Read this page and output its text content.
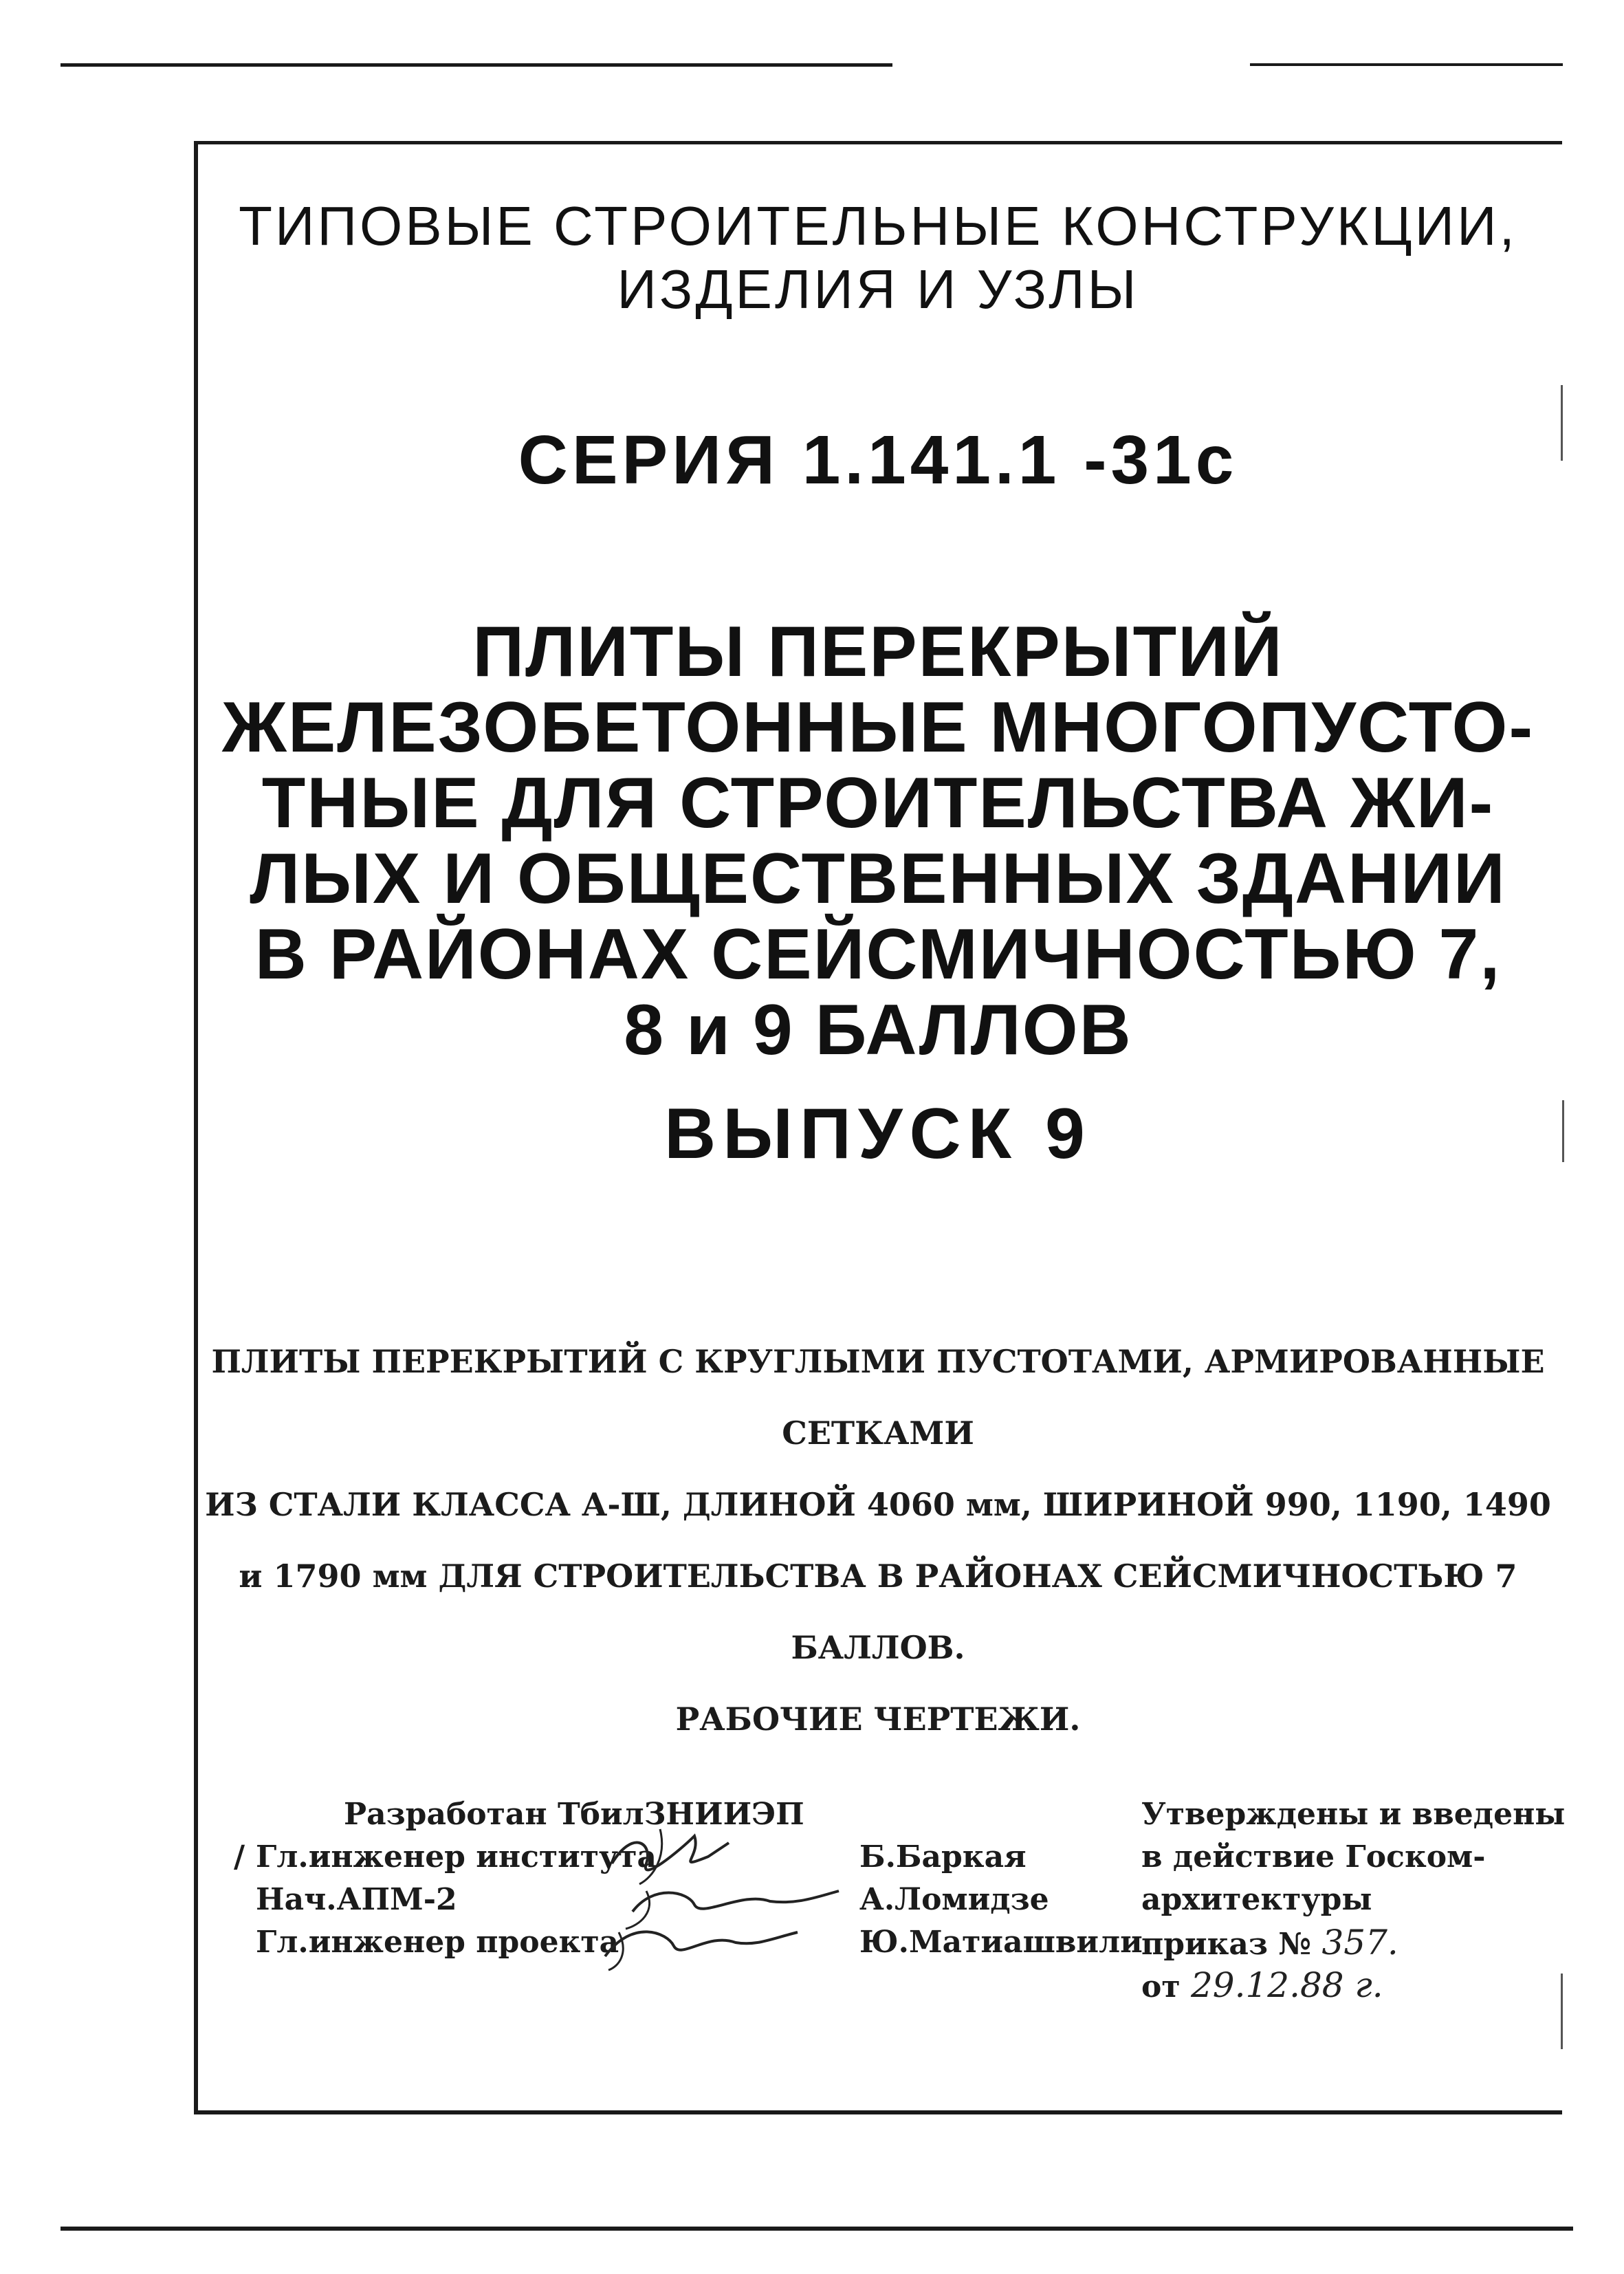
ТИПОВЫЕ СТРОИТЕЛЬНЫЕ КОНСТРУКЦИИ,
ИЗДЕЛИЯ И УЗЛЫ
СЕРИЯ 1.141.1 -31с
ПЛИТЫ ПЕРЕКРЫТИЙ
ЖЕЛЕЗОБЕТОННЫЕ МНОГОПУСТО-
ТНЫЕ ДЛЯ СТРОИТЕЛЬСТВА ЖИ-
ЛЫХ И ОБЩЕСТВЕННЫХ ЗДАНИИ
В РАЙОНАХ СЕЙСМИЧНОСТЬЮ 7,
8 и 9 БАЛЛОВ
ВЫПУСК 9
ПЛИТЫ ПЕРЕКРЫТИЙ С КРУГЛЫМИ ПУСТОТАМИ, АРМИРОВАННЫЕ СЕТКАМИ
ИЗ СТАЛИ КЛАССА А-Ш, ДЛИНОЙ 4060 мм, ШИРИНОЙ 990, 1190, 1490
и 1790 мм ДЛЯ СТРОИТЕЛЬСТВА В РАЙОНАХ СЕЙСМИЧНОСТЬЮ 7 БАЛЛОВ.
РАБОЧИЕ ЧЕРТЕЖИ.
Разработан ТбилЗНИИЭП
/ Гл.инженер института
Нач.АПМ-2
Гл.инженер проекта
Б.Баркая
А.Ломидзе
Ю.Матиашвили
Утверждены и введены
в действие Госком-
архитектуры
приказ № 357.
от 29.12.88 г.
